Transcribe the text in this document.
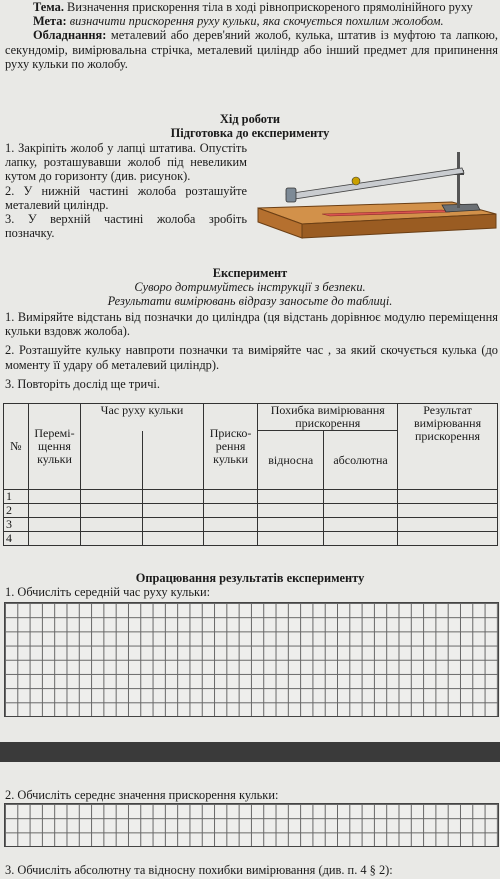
Тема. Визначення прискорення тіла в ході рівноприскореного прямолінійного руху

Мета: визначити прискорення руху кульки, яка скочується похилим жолобом.

Обладнання: металевий або дерев'яний жолоб, кулька, штатив із муфтою та лапкою, секундомір, вимірювальна стрічка, металевий циліндр або інший предмет для припинення руху кульки по жолобу.

Хід роботи

Підготовка до експерименту

1. Закріпіть жолоб у лапці штатива. Опустіть лапку, розташувавши жолоб під невеликим кутом до горизонту (див. рисунок).

2. У нижній частині жолоба розташуйте металевий циліндр.

3. У верхній частині жолоба зробіть позначку.

Експеримент

Суворо дотримуйтесь інструкції з безпеки.

Результати вимірювань відразу заносьте до таблиці.

1. Виміряйте відстань від позначки до циліндра (ця відстань дорівнює модулю переміщення кульки вздовж жолоба).

2. Розташуйте кульку навпроти позначки та виміряйте час , за який скочується кулька (до моменту її удару об металевий циліндр).

3. Повторіть дослід ще тричі.

№	Перемі-щення кульки	Час руху кульки		Приско-рення кульки	Похибка вимірювання прискорення		Результат вимірювання прискорення
					відносна	абсолютна	

1							
2							
3							
4							
Опрацювання результатів експерименту
1. Обчисліть середній час руху кульки:
2. Обчисліть середнє значення прискорення кульки:
3. Обчисліть абсолютну та відносну похибки вимірювання (див. п. 4 § 2):
